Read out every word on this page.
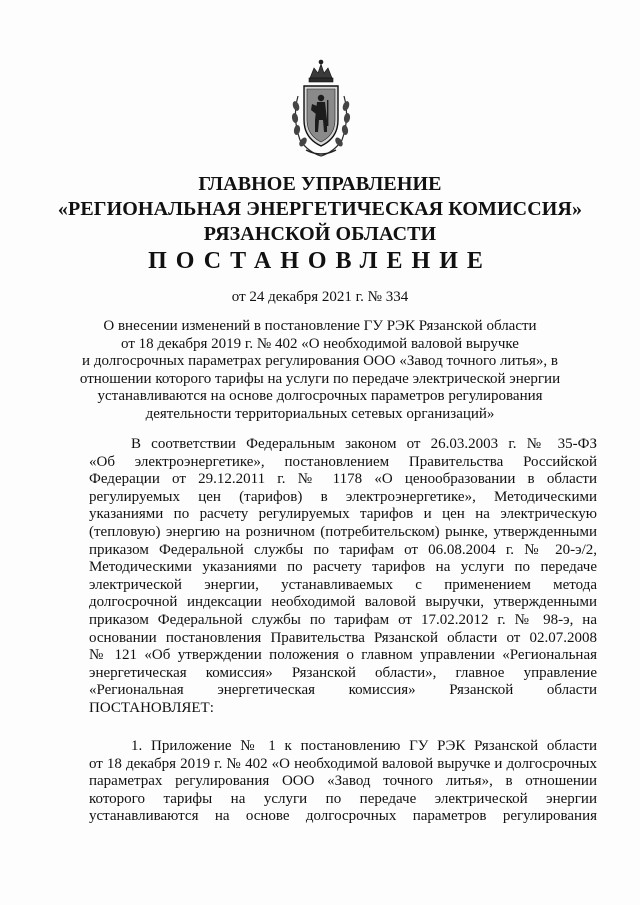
ГЛАВНОЕ УПРАВЛЕНИЕ
«РЕГИОНАЛЬНАЯ ЭНЕРГЕТИЧЕСКАЯ КОМИССИЯ»
РЯЗАНСКОЙ ОБЛАСТИ
ПОСТАНОВЛЕНИЕ
от 24 декабря 2021 г. № 334
О внесении изменений в постановление ГУ РЭК Рязанской области
от 18 декабря 2019 г. № 402 «О необходимой валовой выручке
и долгосрочных параметрах регулирования ООО «Завод точного литья», в
отношении которого тарифы на услуги по передаче электрической энергии
устанавливаются на основе долгосрочных параметров регулирования
деятельности территориальных сетевых организаций»
В соответствии Федеральным законом от 26.03.2003 г. № 35-ФЗ
«Об электроэнергетике», постановлением Правительства Российской
Федерации от 29.12.2011 г. № 1178 «О ценообразовании в области
регулируемых цен (тарифов) в электроэнергетике», Методическими
указаниями по расчету регулируемых тарифов и цен на электрическую
(тепловую) энергию на розничном (потребительском) рынке, утвержденными
приказом Федеральной службы по тарифам от 06.08.2004 г. № 20-э/2,
Методическими указаниями по расчету тарифов на услуги по передаче
электрической энергии, устанавливаемых с применением метода
долгосрочной индексации необходимой валовой выручки, утвержденными
приказом Федеральной службы по тарифам от 17.02.2012 г. № 98-э, на
основании постановления Правительства Рязанской области от 02.07.2008
№ 121 «Об утверждении положения о главном управлении «Региональная
энергетическая комиссия» Рязанской области», главное управление
«Региональная энергетическая комиссия» Рязанской области
ПОСТАНОВЛЯЕТ:
1. Приложение № 1 к постановлению ГУ РЭК Рязанской области
от 18 декабря 2019 г. № 402 «О необходимой валовой выручке и долгосрочных
параметрах регулирования ООО «Завод точного литья», в отношении
которого тарифы на услуги по передаче электрической энергии
устанавливаются на основе долгосрочных параметров регулирования
